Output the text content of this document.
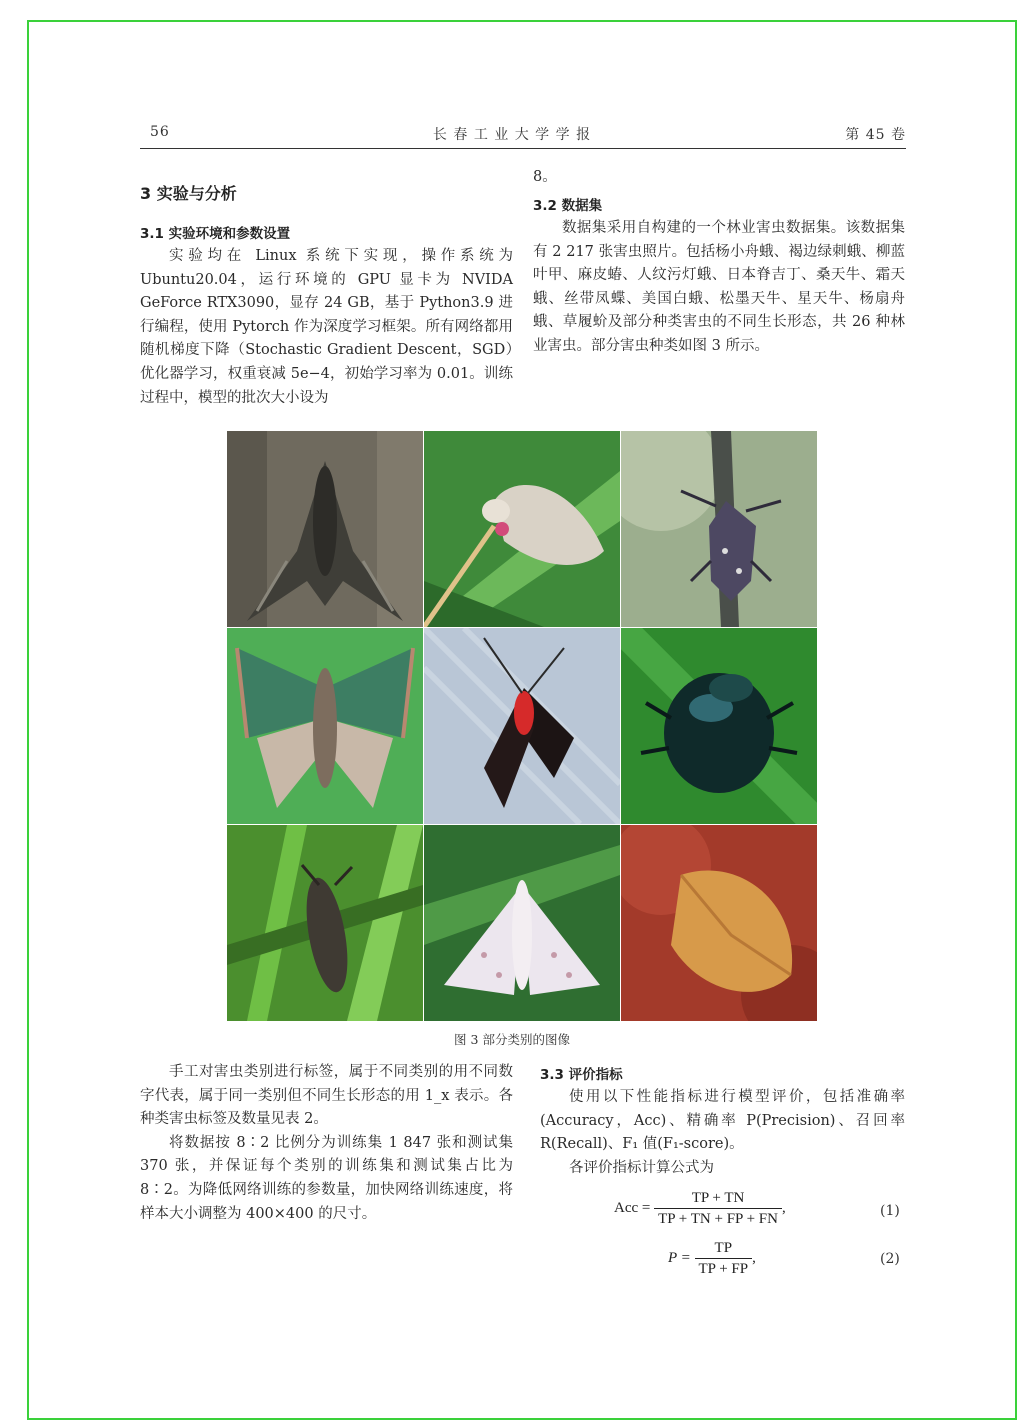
56	长 春 工 业 大 学 学 报	第 45 卷
3 实验与分析
3.1 实验环境和参数设置

实验均在 Linux 系统下实现，操作系统为 Ubuntu20.04，运行环境的 GPU 显卡为 NVIDA GeForce RTX3090，显存 24 GB，基于 Python3.9 进行编程，使用 Pytorch 作为深度学习框架。所有网络都用随机梯度下降（Stochastic Gradient Descent，SGD）优化器学习，权重衰减 5e−4，初始学习率为 0.01。训练过程中，模型的批次大小设为

8。

3.2 数据集

数据集采用自构建的一个林业害虫数据集。该数据集有 2 217 张害虫照片。包括杨小舟蛾、褐边绿刺蛾、柳蓝叶甲、麻皮蝽、人纹污灯蛾、日本脊吉丁、桑天牛、霜天蛾、丝带凤蝶、美国白蛾、松墨天牛、星天牛、杨扇舟蛾、草履蚧及部分种类害虫的不同生长形态，共 26 种林业害虫。部分害虫种类如图 3 所示。

图 3 部分类别的图像

手工对害虫类别进行标签，属于不同类别的用不同数字代表，属于同一类别但不同生长形态的用 1_x 表示。各种类害虫标签及数量见表 2。

将数据按 8∶2 比例分为训练集 1 847 张和测试集 370 张，并保证每个类别的训练集和测试集占比为 8∶2。为降低网络训练的参数量，加快网络训练速度，将样本大小调整为 400×400 的尺寸。

3.3 评价指标

使用以下性能指标进行模型评价，包括准确率(Accuracy，Acc)、精确率 P(Precision)、召回率 R(Recall)、F₁ 值(F₁-score)。

各评价指标计算公式为

Acc = $\frac{TP + TN}{TP + TN + FP + FN}$ ,	(1)
$P = \frac{TP}{TP + FP}$ ,	(2)
